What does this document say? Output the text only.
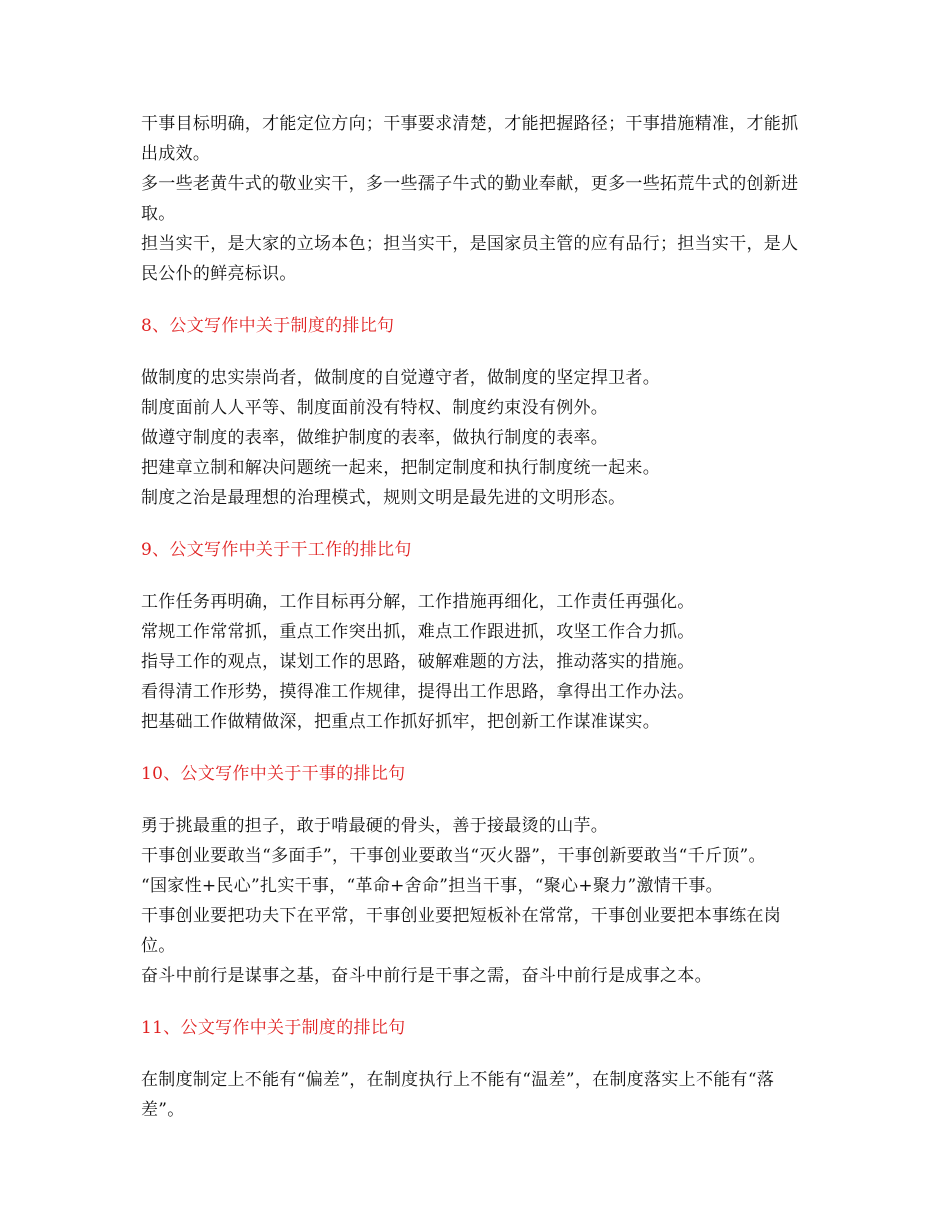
干事目标明确，才能定位方向；干事要求清楚，才能把握路径；干事措施精准，才能抓出成效。

多一些老黄牛式的敬业实干，多一些孺子牛式的勤业奉献，更多一些拓荒牛式的创新进取。

担当实干，是大家的立场本色；担当实干，是国家员主管的应有品行；担当实干，是人民公仆的鲜亮标识。

8、公文写作中关于制度的排比句

做制度的忠实崇尚者，做制度的自觉遵守者，做制度的坚定捍卫者。

制度面前人人平等、制度面前没有特权、制度约束没有例外。

做遵守制度的表率，做维护制度的表率，做执行制度的表率。

把建章立制和解决问题统一起来，把制定制度和执行制度统一起来。

制度之治是最理想的治理模式，规则文明是最先进的文明形态。

9、公文写作中关于干工作的排比句

工作任务再明确，工作目标再分解，工作措施再细化，工作责任再强化。

常规工作常常抓，重点工作突出抓，难点工作跟进抓，攻坚工作合力抓。

指导工作的观点，谋划工作的思路，破解难题的方法，推动落实的措施。

看得清工作形势，摸得准工作规律，提得出工作思路，拿得出工作办法。

把基础工作做精做深，把重点工作抓好抓牢，把创新工作谋准谋实。

10、公文写作中关于干事的排比句

勇于挑最重的担子，敢于啃最硬的骨头，善于接最烫的山芋。

干事创业要敢当“多面手”，干事创业要敢当“灭火器”，干事创新要敢当“千斤顶”。

“国家性+民心”扎实干事，“革命+舍命”担当干事，“聚心+聚力”激情干事。

干事创业要把功夫下在平常，干事创业要把短板补在常常，干事创业要把本事练在岗位。

奋斗中前行是谋事之基，奋斗中前行是干事之需，奋斗中前行是成事之本。

11、公文写作中关于制度的排比句

在制度制定上不能有“偏差”，在制度执行上不能有“温差”，在制度落实上不能有“落差”。
